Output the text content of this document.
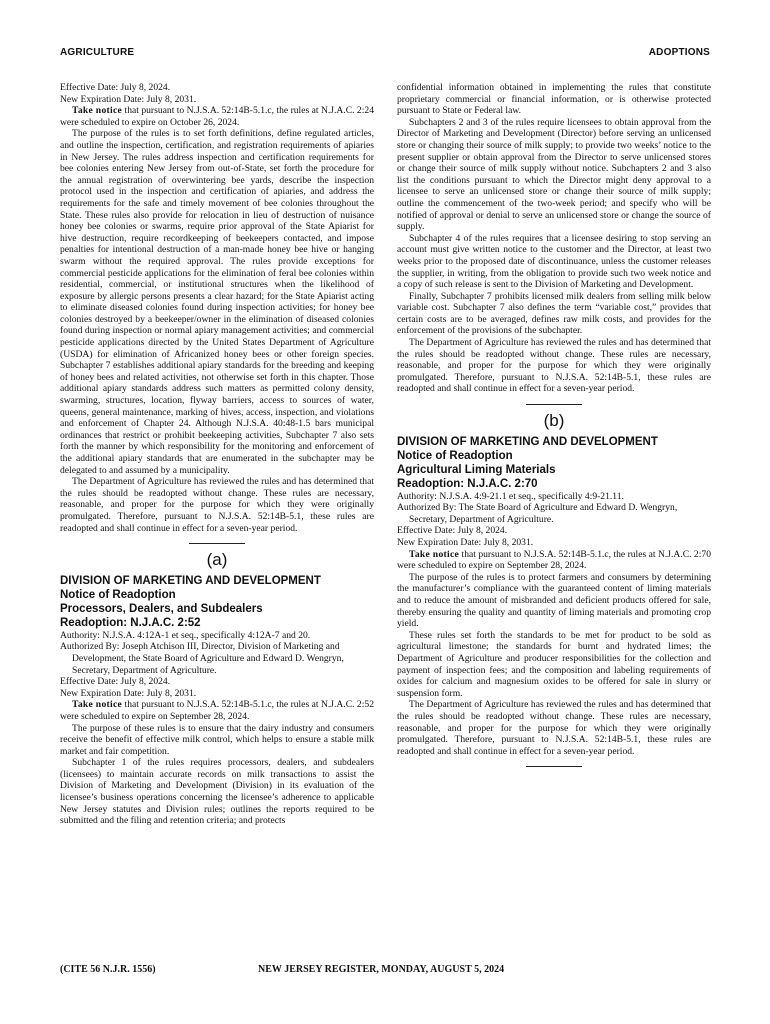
AGRICULTURE	ADOPTIONS

Effective Date: July 8, 2024.

New Expiration Date: July 8, 2031.

Take notice that pursuant to N.J.S.A. 52:14B-5.1.c, the rules at N.J.A.C. 2:24 were scheduled to expire on October 26, 2024.

The purpose of the rules is to set forth definitions, define regulated articles, and outline the inspection, certification, and registration requirements of apiaries in New Jersey. The rules address inspection and certification requirements for bee colonies entering New Jersey from out-of-State, set forth the procedure for the annual registration of overwintering bee yards, describe the inspection protocol used in the inspection and certification of apiaries, and address the requirements for the safe and timely movement of bee colonies throughout the State. These rules also provide for relocation in lieu of destruction of nuisance honey bee colonies or swarms, require prior approval of the State Apiarist for hive destruction, require recordkeeping of beekeepers contacted, and impose penalties for intentional destruction of a man-made honey bee hive or hanging swarm without the required approval. The rules provide exceptions for commercial pesticide applications for the elimination of feral bee colonies within residential, commercial, or institutional structures when the likelihood of exposure by allergic persons presents a clear hazard; for the State Apiarist acting to eliminate diseased colonies found during inspection activities; for honey bee colonies destroyed by a beekeeper/owner in the elimination of diseased colonies found during inspection or normal apiary management activities; and commercial pesticide applications directed by the United States Department of Agriculture (USDA) for elimination of Africanized honey bees or other foreign species. Subchapter 7 establishes additional apiary standards for the breeding and keeping of honey bees and related activities, not otherwise set forth in this chapter. Those additional apiary standards address such matters as permitted colony density, swarming, structures, location, flyway barriers, access to sources of water, queens, general maintenance, marking of hives, access, inspection, and violations and enforcement of Chapter 24. Although N.J.S.A. 40:48-1.5 bars municipal ordinances that restrict or prohibit beekeeping activities, Subchapter 7 also sets forth the manner by which responsibility for the monitoring and enforcement of the additional apiary standards that are enumerated in the subchapter may be delegated to and assumed by a municipality.

The Department of Agriculture has reviewed the rules and has determined that the rules should be readopted without change. These rules are necessary, reasonable, and proper for the purpose for which they were originally promulgated. Therefore, pursuant to N.J.S.A. 52:14B-5.1, these rules are readopted and shall continue in effect for a seven-year period.

(a)

DIVISION OF MARKETING AND DEVELOPMENT

Notice of Readoption

Processors, Dealers, and Subdealers

Readoption: N.J.A.C. 2:52

Authority: N.J.S.A. 4:12A-1 et seq., specifically 4:12A-7 and 20.

Authorized By: Joseph Atchison III, Director, Division of Marketing and Development, the State Board of Agriculture and Edward D. Wengryn, Secretary, Department of Agriculture.

Effective Date: July 8, 2024.

New Expiration Date: July 8, 2031.

Take notice that pursuant to N.J.S.A. 52:14B-5.1.c, the rules at N.J.A.C. 2:52 were scheduled to expire on September 28, 2024.

The purpose of these rules is to ensure that the dairy industry and consumers receive the benefit of effective milk control, which helps to ensure a stable milk market and fair competition.

Subchapter 1 of the rules requires processors, dealers, and subdealers (licensees) to maintain accurate records on milk transactions to assist the Division of Marketing and Development (Division) in its evaluation of the licensee’s business operations concerning the licensee’s adherence to applicable New Jersey statutes and Division rules; outlines the reports required to be submitted and the filing and retention criteria; and protects

confidential information obtained in implementing the rules that constitute proprietary commercial or financial information, or is otherwise protected pursuant to State or Federal law.

Subchapters 2 and 3 of the rules require licensees to obtain approval from the Director of Marketing and Development (Director) before serving an unlicensed store or changing their source of milk supply; to provide two weeks’ notice to the present supplier or obtain approval from the Director to serve unlicensed stores or change their source of milk supply without notice. Subchapters 2 and 3 also list the conditions pursuant to which the Director might deny approval to a licensee to serve an unlicensed store or change their source of milk supply; outline the commencement of the two-week period; and specify who will be notified of approval or denial to serve an unlicensed store or change the source of supply.

Subchapter 4 of the rules requires that a licensee desiring to stop serving an account must give written notice to the customer and the Director, at least two weeks prior to the proposed date of discontinuance, unless the customer releases the supplier, in writing, from the obligation to provide such two week notice and a copy of such release is sent to the Division of Marketing and Development.

Finally, Subchapter 7 prohibits licensed milk dealers from selling milk below variable cost. Subchapter 7 also defines the term “variable cost,” provides that certain costs are to be averaged, defines raw milk costs, and provides for the enforcement of the provisions of the subchapter.

The Department of Agriculture has reviewed the rules and has determined that the rules should be readopted without change. These rules are necessary, reasonable, and proper for the purpose for which they were originally promulgated. Therefore, pursuant to N.J.S.A. 52:14B-5.1, these rules are readopted and shall continue in effect for a seven-year period.

(b)

DIVISION OF MARKETING AND DEVELOPMENT

Notice of Readoption

Agricultural Liming Materials

Readoption: N.J.A.C. 2:70

Authority: N.J.S.A. 4:9-21.1 et seq., specifically 4:9-21.11.

Authorized By: The State Board of Agriculture and Edward D. Wengryn, Secretary, Department of Agriculture.

Effective Date: July 8, 2024.

New Expiration Date: July 8, 2031.

Take notice that pursuant to N.J.S.A. 52:14B-5.1.c, the rules at N.J.A.C. 2:70 were scheduled to expire on September 28, 2024.

The purpose of the rules is to protect farmers and consumers by determining the manufacturer’s compliance with the guaranteed content of liming materials and to reduce the amount of misbranded and deficient products offered for sale, thereby ensuring the quality and quantity of liming materials and promoting crop yield.

These rules set forth the standards to be met for product to be sold as agricultural limestone; the standards for burnt and hydrated limes; the Department of Agriculture and producer responsibilities for the collection and payment of inspection fees; and the composition and labeling requirements of oxides for calcium and magnesium oxides to be offered for sale in slurry or suspension form.

The Department of Agriculture has reviewed the rules and has determined that the rules should be readopted without change. These rules are necessary, reasonable, and proper for the purpose for which they were originally promulgated. Therefore, pursuant to N.J.S.A. 52:14B-5.1, these rules are readopted and shall continue in effect for a seven-year period.

(CITE 56 N.J.R. 1556)	NEW JERSEY REGISTER, MONDAY, AUGUST 5, 2024
